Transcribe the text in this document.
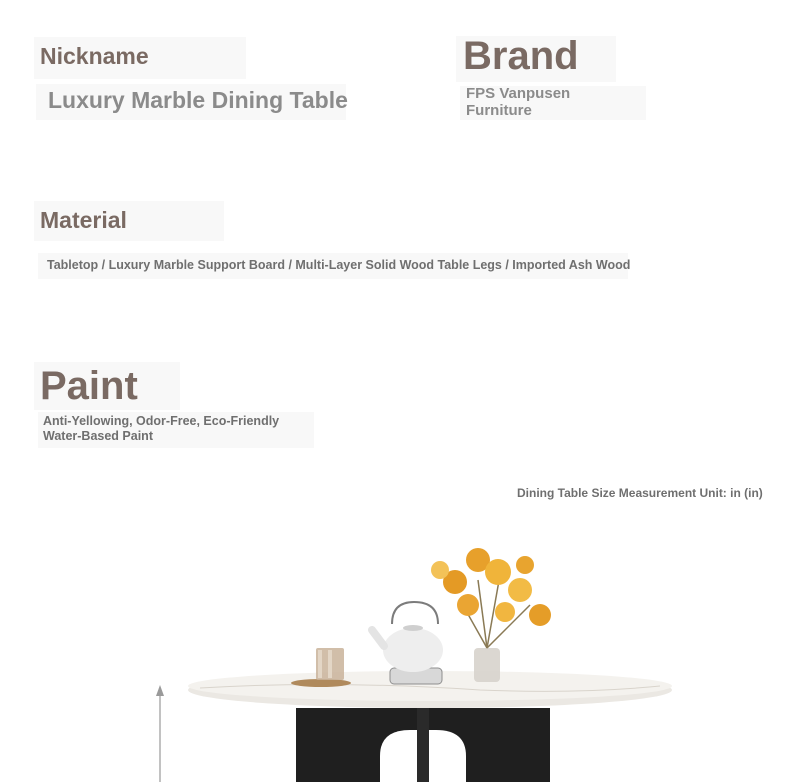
Nickname
Luxury Marble Dining Table
Brand
FPS Vanpusen Furniture
Material
Tabletop / Luxury Marble Support Board / Multi-Layer Solid Wood Table Legs / Imported Ash Wood
Paint
Anti-Yellowing, Odor-Free, Eco-Friendly Water-Based Paint
Dining Table Size Measurement Unit: in (in)
